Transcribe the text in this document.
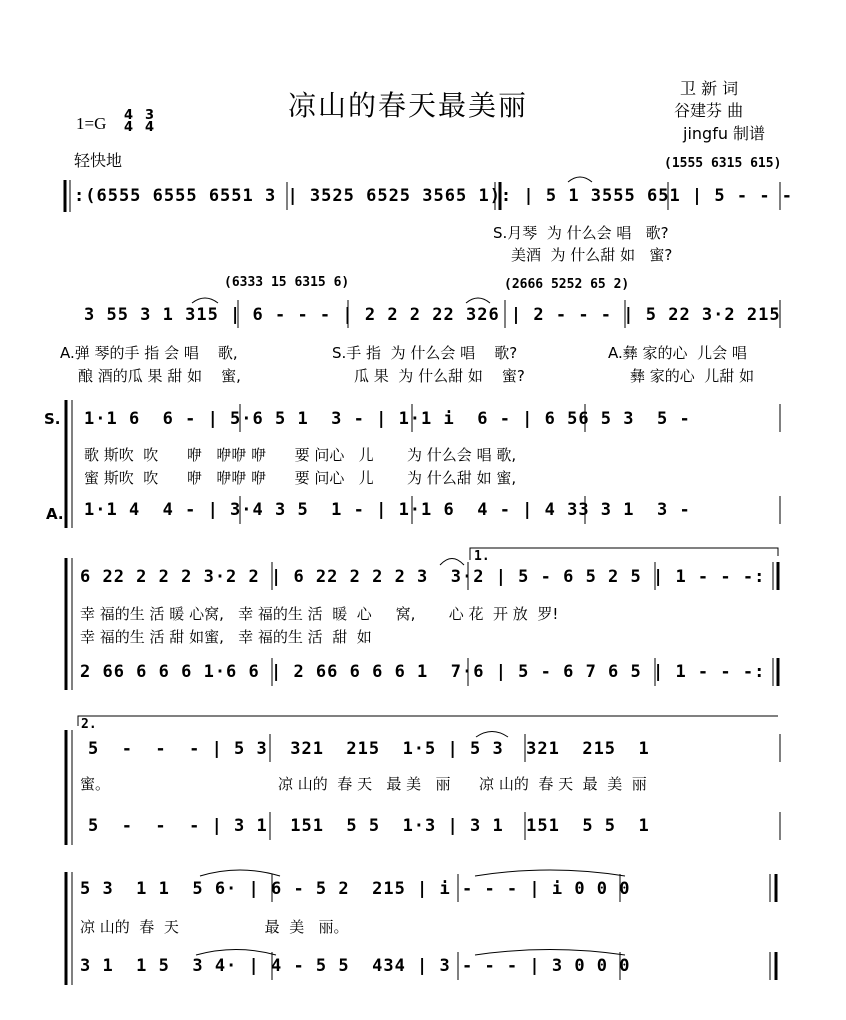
凉山的春天最美丽
卫 新 词
谷建芬 曲
jingfu 制谱
1=G 4
4
3
4
轻快地	(1555 6315 615)
:(6555 6555 6551 3 | 3525 6525 3565 1): | 5 1 3555 651 | 5 - - -
S.月琴  为 什么会 唱   歌?
美酒  为 什么甜 如   蜜?
(6333 15 6315 6)	(2666 5252 65 2)
3 55 3 1 315 | 6 - - - | 2 2 2 22 326 | 2 - - - | 5 22 3·2 215
A.弹 琴的手 指 会 唱    歌,	S.手 指  为 什么会 唱    歌?	A.彝 家的心  儿会 唱
酿 酒的瓜 果 甜 如    蜜,	瓜 果  为 什么甜 如    蜜?	彝 家的心  儿甜 如
S.
A.
1·1 6  6 - | 5·6 5 1  3 - | 1·1 i  6 - | 6 56 5 3  5 -
歌 斯吹  吹      咿   咿咿 咿      要 问心   儿       为 什么会 唱 歌,
蜜 斯吹  吹      咿   咿咿 咿      要 问心   儿       为 什么甜 如 蜜,
1·1 4  4 - | 3·4 3 5  1 - | 1·1 6  4 - | 4 33 3 1  3 -
1.
6 22 2 2 2 3·2 2 | 6 22 2 2 2 3  3·2 | 5 - 6 5 2 5 | 1 - - -:
幸 福的生 活 暖 心窝,   幸 福的生 活  暖  心     窝,       心 花  开 放  罗!
幸 福的生 活 甜 如蜜,   幸 福的生 活  甜  如
2 66 6 6 6 1·6 6 | 2 66 6 6 6 1  7·6 | 5 - 6 7 6 5 | 1 - - -:
2.
5  -  -  - | 5 3  321  215  1·5 | 5 3  321  215  1
蜜。	凉 山的  春 天   最 美   丽      凉 山的  春 天  最  美  丽
5  -  -  - | 3 1  151  5 5  1·3 | 3 1  151  5 5  1
5 3  1 1  5 6· | 6 - 5 2  215 | i - - - | i 0 0 0
凉 山的  春  天                  最  美   丽。
3 1  1 5  3 4· | 4 - 5 5  434 | 3 - - - | 3 0 0 0
